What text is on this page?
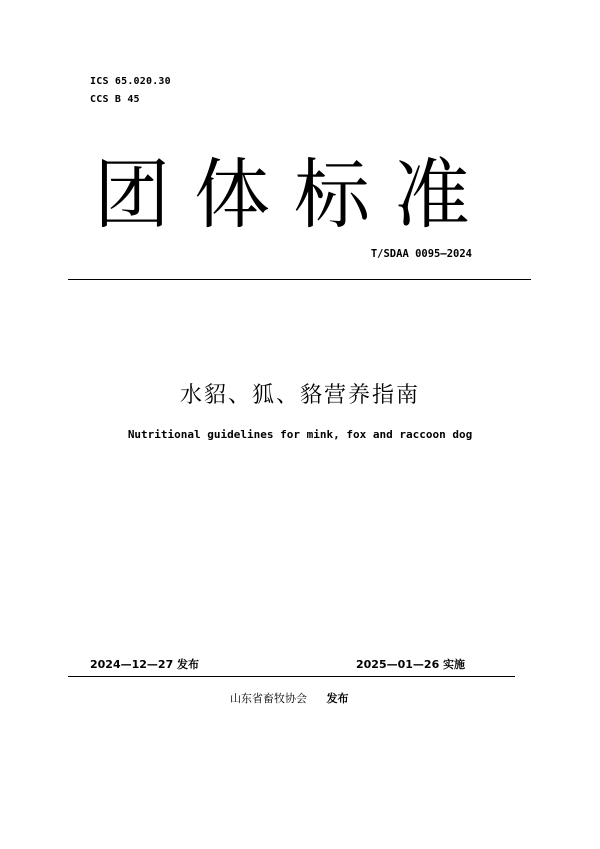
ICS 65.020.30
CCS B 45
团体标准
T/SDAA 0095—2024
水貂、狐、貉营养指南
Nutritional guidelines for mink, fox and raccoon dog
2024—12—27 发布	2025—01—26 实施
山东省畜牧协会 发布
